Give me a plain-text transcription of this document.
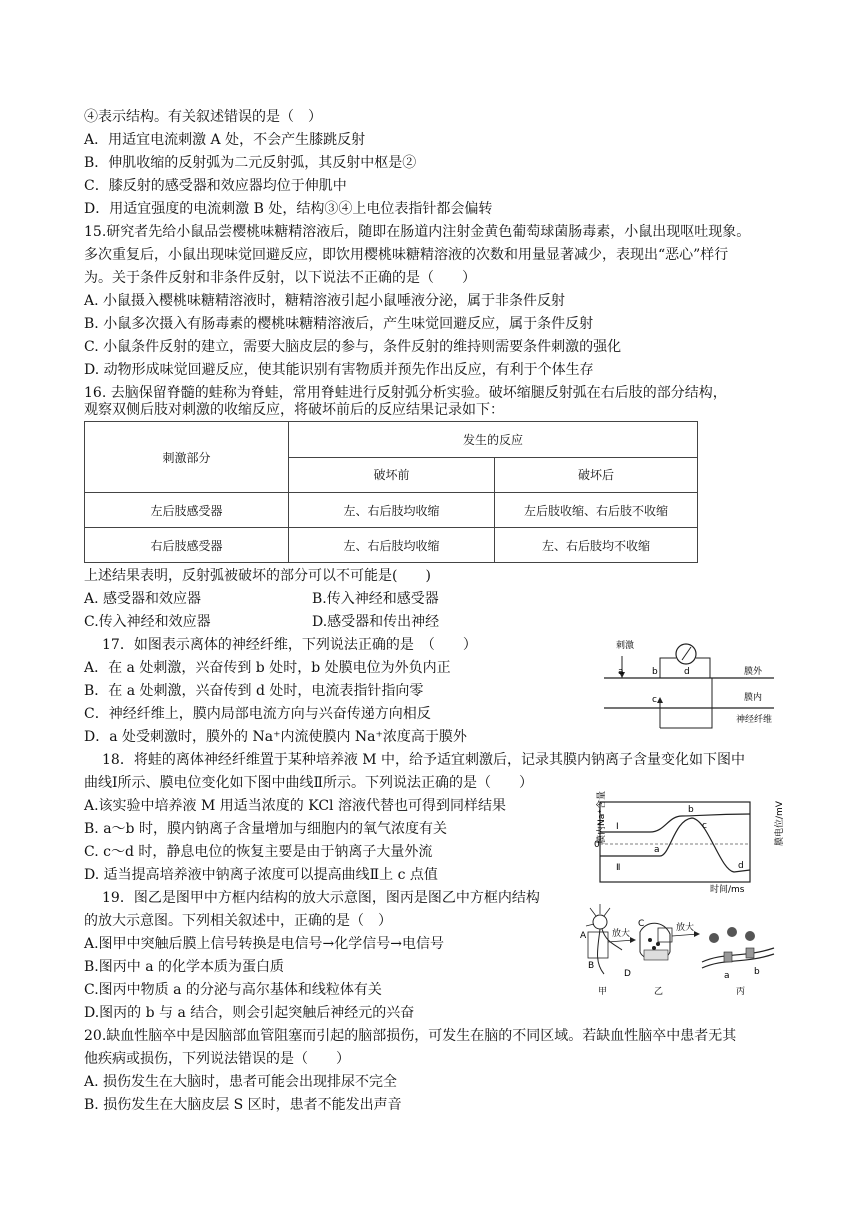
④表示结构。有关叙述错误的是（　）
A．用适宜电流刺激 A 处，不会产生膝跳反射
B．伸肌收缩的反射弧为二元反射弧，其反射中枢是②
C．膝反射的感受器和效应器均位于伸肌中
D．用适宜强度的电流刺激 B 处，结构③④上电位表指针都会偏转
15.研究者先给小鼠品尝樱桃味糖精溶液后，随即在肠道内注射金黄色葡萄球菌肠毒素，小鼠出现呕吐现象。
多次重复后，小鼠出现味觉回避反应，即饮用樱桃味糖精溶液的次数和用量显著减少，表现出“恶心”样行
为。关于条件反射和非条件反射，以下说法不正确的是（　　）
A. 小鼠摄入樱桃味糖精溶液时，糖精溶液引起小鼠唾液分泌，属于非条件反射
B. 小鼠多次摄入有肠毒素的樱桃味糖精溶液后，产生味觉回避反应，属于条件反射
C. 小鼠条件反射的建立，需要大脑皮层的参与，条件反射的维持则需要条件刺激的强化
D. 动物形成味觉回避反应，使其能识别有害物质并预先作出反应，有利于个体生存
16. 去脑保留脊髓的蛙称为脊蛙，常用脊蛙进行反射弧分析实验。破坏缩腿反射弧在右后肢的部分结构，
观察双侧后肢对刺激的收缩反应，将破坏前后的反应结果记录如下：
刺激部分	发生的反应	
	破坏前	破坏后
左后肢感受器	左、右后肢均收缩	左后肢收缩、右后肢不收缩
右后肢感受器	左、右后肢均收缩	左、右后肢均不收缩
上述结果表明，反射弧被破坏的部分可以不可能是(　　)
A. 感受器和效应器	B.传入神经和感受器
C.传入神经和效应器	D.感受器和传出神经
17．如图表示离体的神经纤维，下列说法正确的是　（　　）
A．在 a 处刺激，兴奋传到 b 处时，b 处膜电位为外负内正
B．在 a 处刺激，兴奋传到 d 处时，电流表指针指向零
C．神经纤维上，膜内局部电流方向与兴奋传递方向相反
D．a 处受刺激时，膜外的 Na⁺内流使膜内 Na⁺浓度高于膜外
18．将蛙的离体神经纤维置于某种培养液 M 中，给予适宜刺激后，记录其膜内钠离子含量变化如下图中
曲线Ⅰ所示、膜电位变化如下图中曲线Ⅱ所示。下列说法正确的是（　　）
A.该实验中培养液 M 用适当浓度的 KCl 溶液代替也可得到同样结果
B. a～b 时，膜内钠离子含量增加与细胞内的氧气浓度有关
C. c～d 时，静息电位的恢复主要是由于钠离子大量外流
D. 适当提高培养液中钠离子浓度可以提高曲线Ⅱ上 c 点值
19．图乙是图甲中方框内结构的放大示意图，图丙是图乙中方框内结构
的放大示意图。下列相关叙述中，正确的是（　）
A.图甲中突触后膜上信号转换是电信号→化学信号→电信号
B.图丙中 a 的化学本质为蛋白质
C.图丙中物质 a 的分泌与高尔基体和线粒体有关
D.图丙的 b 与 a 结合，则会引起突触后神经元的兴奋
20.缺血性脑卒中是因脑部血管阻塞而引起的脑部损伤，可发生在脑的不同区域。若缺血性脑卒中患者无其
他疾病或损伤，下列说法错误的是（　　）
A. 损伤发生在大脑时，患者可能会出现排尿不完全
B. 损伤发生在大脑皮层 S 区时，患者不能发出声音
刺激
a	b
c
d	膜外
膜内
神经纤维
膜内Na⁺含量	膜电位/mV
Ⅰ
Ⅱ
a
b
c
d
0
时间/ms
A
B
C
D
放大
放大
a	b
甲	乙	丙
